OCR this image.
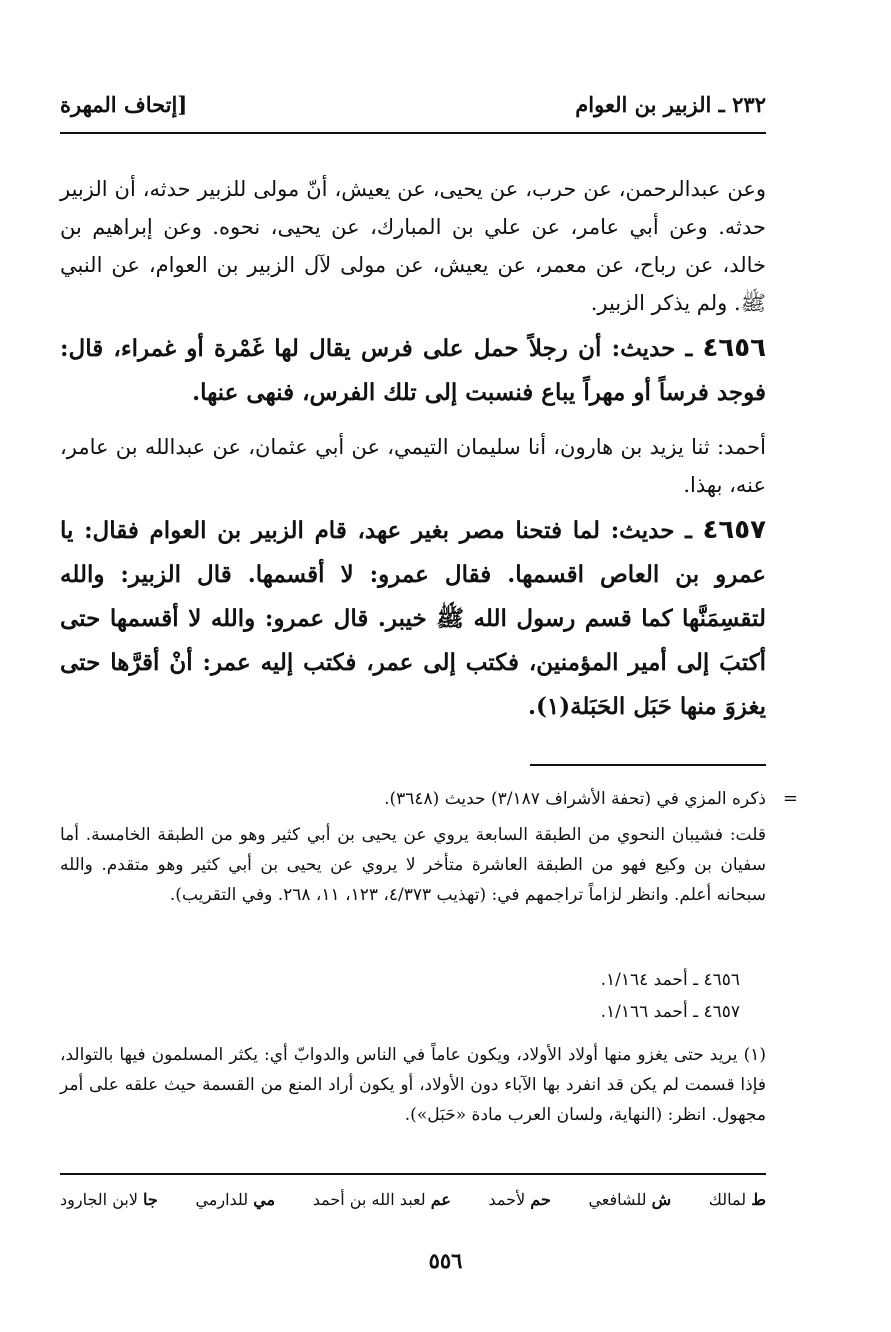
٢٣٢ ـ الزبير بن العوام
[إتحاف المهرة
وعن عبدالرحمن، عن حرب، عن يحيى، عن يعيش، أنّ مولى للزبير حدثه، أن الزبير حدثه. وعن أبي عامر، عن علي بن المبارك، عن يحيى، نحوه. وعن إبراهيم بن خالد، عن رباح، عن معمر، عن يعيش، عن مولى لآل الزبير بن العوام، عن النبي ﷺ. ولم يذكر الزبير.
٤٦٥٦ ـ حديث: أن رجلاً حمل على فرس يقال لها غَمْرة أو غمراء، قال: فوجد فرساً أو مهراً يباع فنسبت إلى تلك الفرس، فنهى عنها.
أحمد: ثنا يزيد بن هارون، أنا سليمان التيمي، عن أبي عثمان، عن عبدالله بن عامر، عنه، بهذا.
٤٦٥٧ ـ حديث: لما فتحنا مصر بغير عهد، قام الزبير بن العوام فقال: يا عمرو بن العاص اقسمها. فقال عمرو: لا أقسمها. قال الزبير: والله لتقسِمَنَّها كما قسم رسول الله ﷺ خيبر. قال عمرو: والله لا أقسمها حتى أكتبَ إلى أمير المؤمنين، فكتب إلى عمر، فكتب إليه عمر: أنْ أقرَّها حتى يغزوَ منها حَبَل الحَبَلة(١).
=
ذكره المزي في (تحفة الأشراف ٣/١٨٧) حديث (٣٦٤٨).
قلت: فشيبان النحوي من الطبقة السابعة يروي عن يحيى بن أبي كثير وهو من الطبقة الخامسة. أما سفيان بن وكيع فهو من الطبقة العاشرة متأخر لا يروي عن يحيى بن أبي كثير وهو متقدم. والله سبحانه أعلم. وانظر لزاماً تراجمهم في: (تهذيب ٤/٣٧٣، ١٢٣، ١١، ٢٦٨. وفي التقريب).
٤٦٥٦ ـ أحمد ١/١٦٤.
٤٦٥٧ ـ أحمد ١/١٦٦.
(١) يريد حتى يغزو منها أولاد الأولاد، ويكون عاماً في الناس والدوابّ أي: يكثر المسلمون فيها بالتوالد، فإذا قسمت لم يكن قد انفرد بها الآباء دون الأولاد، أو يكون أراد المنع من القسمة حيث علقه على أمر مجهول. انظر: (النهاية، ولسان العرب مادة «حَبَل»).
ط لمالك
ش للشافعي
حم لأحمد
عم لعبد الله بن أحمد
مي للدارمي
جا لابن الجارود
٥٥٦
